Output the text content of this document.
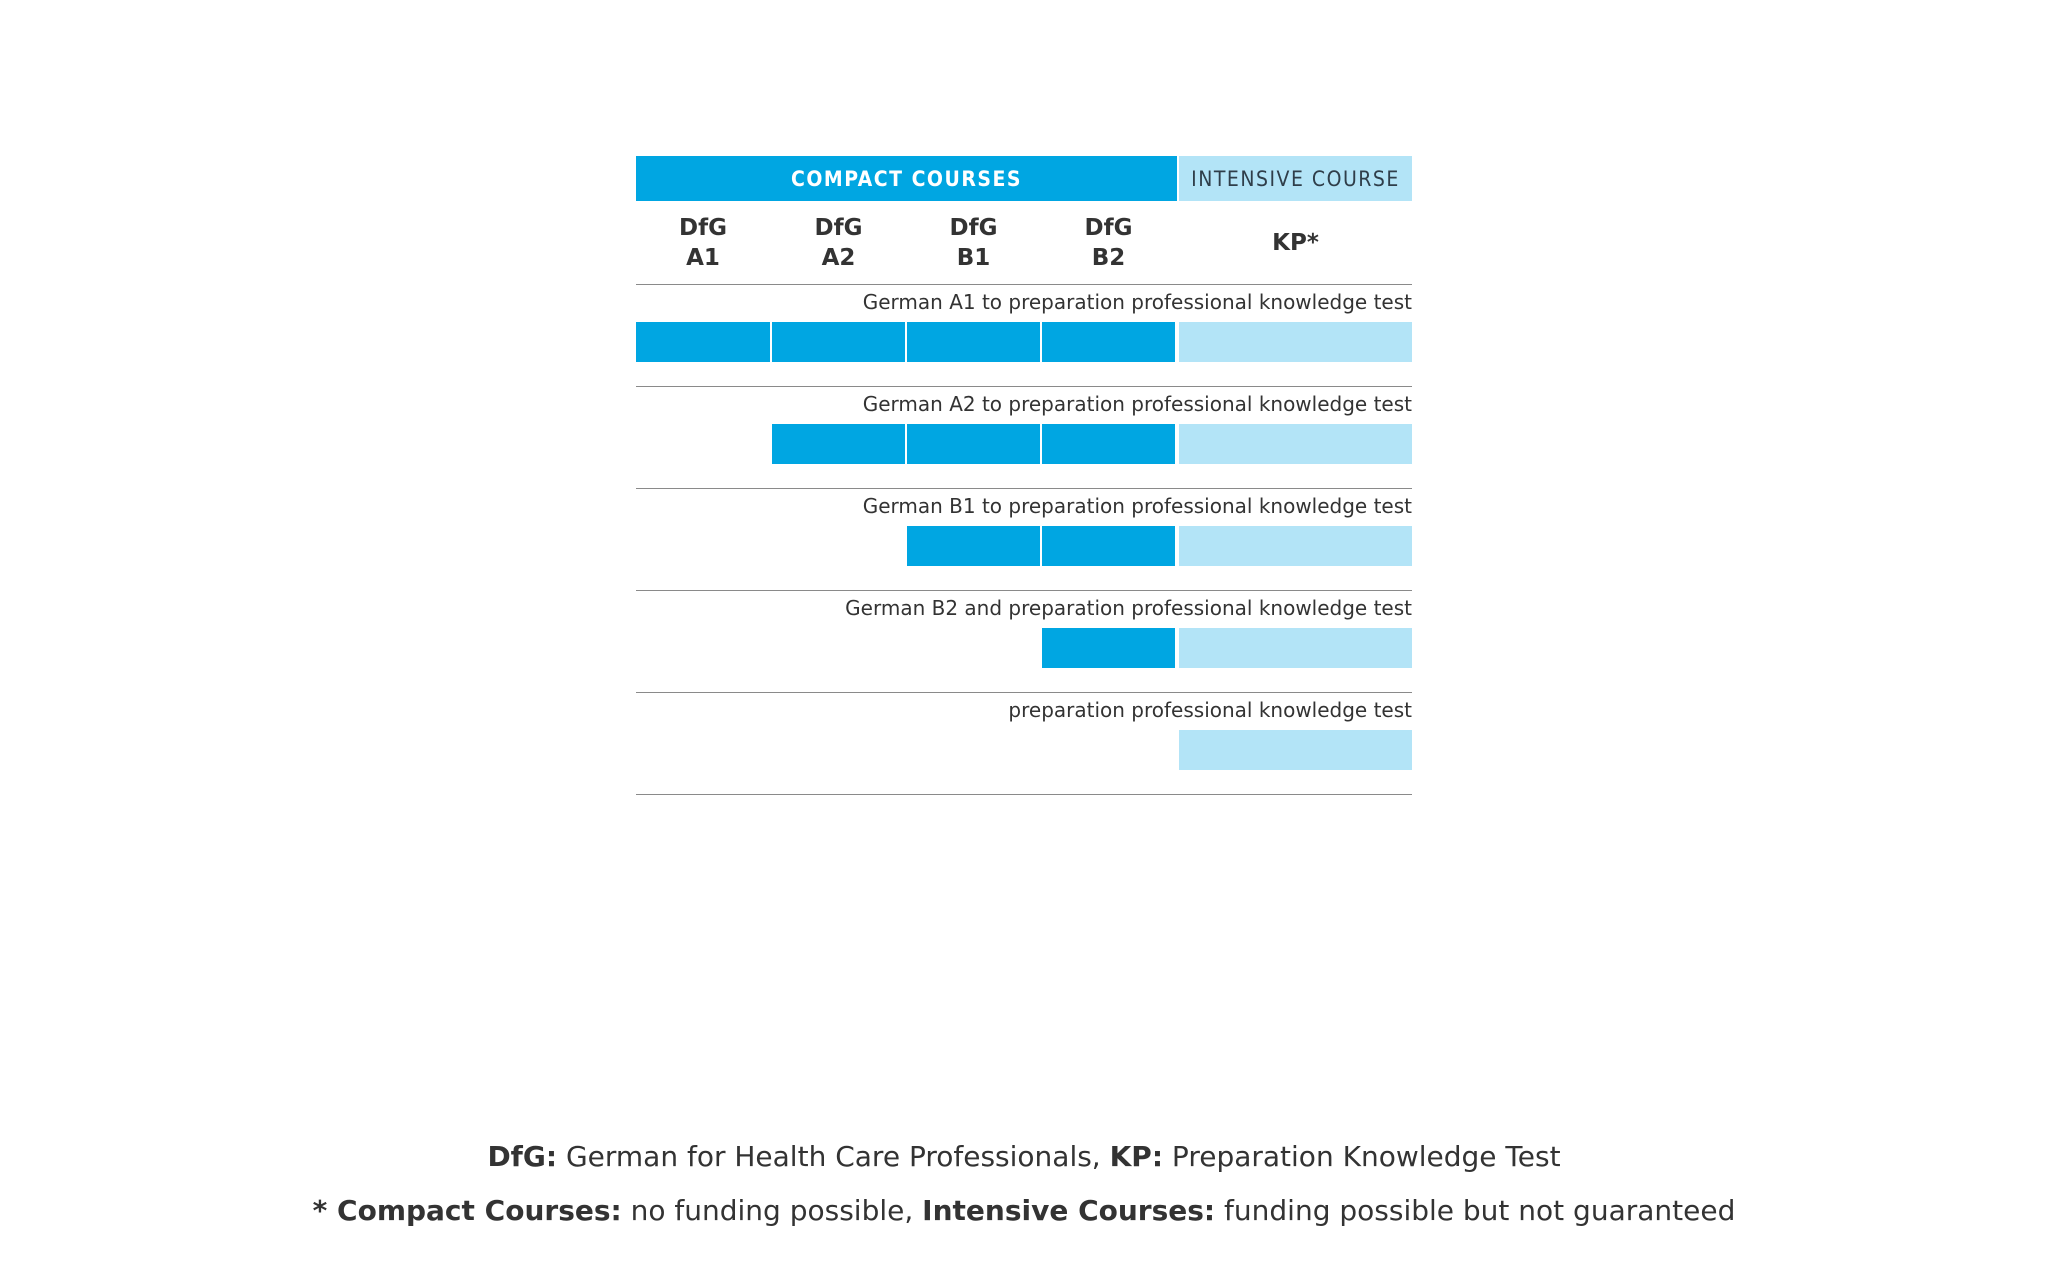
COMPACT COURSES	INTENSIVE COURSE
DfG
A1
DfG
A2
DfG
B1
DfG
B2
KP*
German A1 to preparation professional knowledge test
German A2 to preparation professional knowledge test
German B1 to preparation professional knowledge test
German B2 and preparation professional knowledge test
preparation professional knowledge test

DfG: German for Health Care Professionals, KP: Preparation Knowledge Test

* Compact Courses: no funding possible, Intensive Courses: funding possible but not guaranteed
